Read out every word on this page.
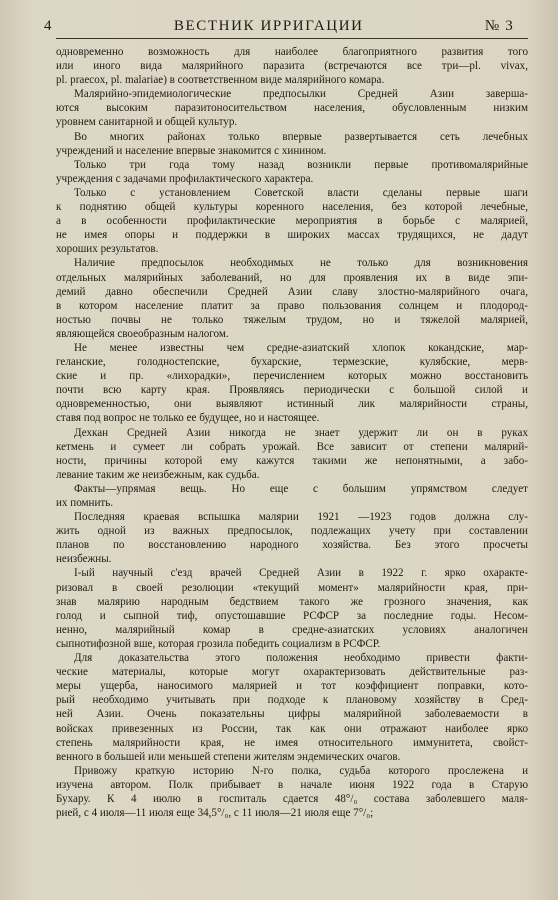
4	ВЕСТНИК ИРРИГАЦИИ	№ 3

одновременно возможность для наиболее благоприятного развития того

или иного вида малярийного паразита (встречаются все три—pl. vivax,

pl. praecox, pl. malariae) в соответственном виде малярийного комара.

Малярийно-эпидемиологические предпосылки Средней Азии заверша-

ются высоким паразитоносительством населения, обусловленным низким

уровнем санитарной и общей культур.

Во многих районах только впервые развертывается сеть лечебных

учреждений и население впервые знакомится с хинином.

Только три года тому назад возникли первые противомалярийные

учреждения с задачами профилактического характера.

Только с установлением Советской власти сделаны первые шаги

к поднятию общей культуры коренного населения, без которой лечебные,

а в особенности профилактические мероприятия в борьбе с малярией,

не имея опоры и поддержки в широких массах трудящихся, не дадут

хороших результатов.

Наличие предпосылок необходимых не только для возникновения

отдельных малярийных заболеваний, но для проявления их в виде эпи-

демий давно обеспечили Средней Азии славу злостно-малярийного очага,

в котором население платит за право пользования солнцем и плодород-

ностью почвы не только тяжелым трудом, но и тяжелой малярией,

являющейся своеобразным налогом.

Не менее известны чем средне-азиатский хлопок кокандские, мар-

геланские, голодностепские, бухарские, термезские, кулябские, мерв-

ские и пр. «лихорадки», перечислением которых можно восстановить

почти всю карту края. Проявляясь периодически с большой силой и

одновременностью, они выявляют истинный лик малярийности страны,

ставя под вопрос не только ее будущее, но и настоящее.

Дехкан Средней Азии никогда не знает удержит ли он в руках

кетмень и сумеет ли собрать урожай. Все зависит от степени малярий-

ности, причины которой ему кажутся такими же непонятными, а забо-

левание таким же неизбежным, как судьба.

Факты—упрямая вещь. Но еще с большим упрямством следует

их помнить.

Последняя краевая вспышка малярии 1921 —1923 годов должна слу-

жить одной из важных предпосылок, подлежащих учету при составлении

планов по восстановлению народного хозяйства. Без этого просчеты

неизбежны.

I-ый научный с'езд врачей Средней Азии в 1922 г. ярко охаракте-

ризовал в своей резолюции «текущий момент» малярийности края, при-

знав малярию народным бедствием такого же грозного значения, как

голод и сыпной тиф, опустошавшие РСФСР за последние годы. Несом-

ненно, малярийный комар в средне-азиатских условиях аналогичен

сыпнотифозной вше, которая грозила победить социализм в РСФСР.

Для доказательства этого положения необходимо привести факти-

ческие материалы, которые могут охарактеризовать действительные раз-

меры ущерба, наносимого малярией и тот коэффициент поправки, кото-

рый необходимо учитывать при подходе к плановому хозяйству в Сред-

ней Азии. Очень показательны цифры малярийной заболеваемости в

войсках привезенных из России, так как они отражают наиболее ярко

степень малярийности края, не имея относительного иммунитета, свойст-

венного в большей или меньшей степени жителям эндемических очагов.

Привожу краткую историю N-го полка, судьба которого прослежена и

изучена автором. Полк прибывает в начале июня 1922 года в Старую

Бухару. К 4 июлю в госпиталь сдается 48°/₀ состава заболевшего маля-

рией, с 4 июля—11 июля еще 34,5°/₀, с 11 июля—21 июля еще 7°/₀;
